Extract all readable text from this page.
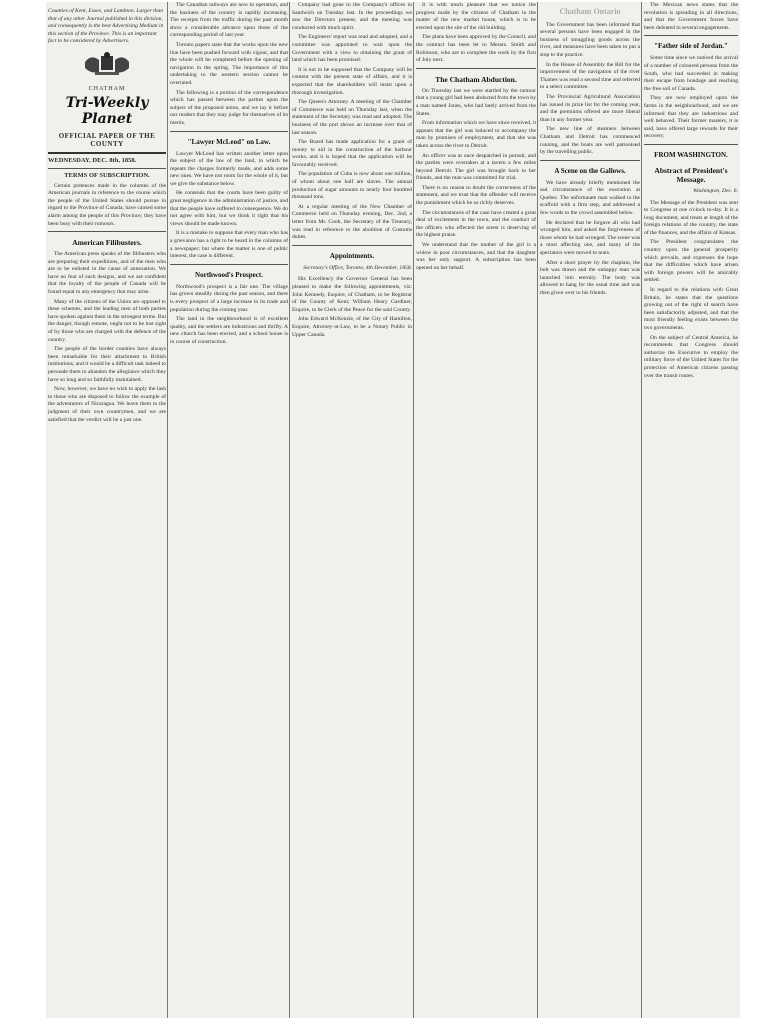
Counties of Kent, Essex, and Lambton. Larger than that of any other Journal published in this division, and consequently is the best Advertising Medium in this section of the Province. This is an important fact to be considered by Advertisers.
CHATHAM
Tri-Weekly Planet
OFFICIAL PAPER OF THE COUNTY
WEDNESDAY, DEC. 8th, 1858.
TERMS OF SUBSCRIPTION.

Certain pretences made in the columns of the American journals in reference to the course which the people of the United States should pursue in regard to the Province of Canada, have caused some alarm among the people of this Province; they have been busy with their rumours.

American Filibusters.

The American press speaks of the filibusters who are preparing their expeditions, and of the men who are to be enlisted in the cause of annexation. We have no fear of such designs, and we are confident that the loyalty of the people of Canada will be found equal to any emergency that may arise.

Many of the citizens of the Union are opposed to these schemes, and the leading men of both parties have spoken against them in the strongest terms. But the danger, though remote, ought not to be lost sight of by those who are charged with the defence of the country.

The people of the border counties have always been remarkable for their attachment to British institutions, and it would be a difficult task indeed to persuade them to abandon the allegiance which they have so long and so faithfully maintained.

Now, however, we have no wish to apply the lash to those who are disposed to follow the example of the adventurers of Nicaragua. We leave them to the judgment of their own countrymen, and we are satisfied that the verdict will be a just one.

The Canadian railways are now in operation, and the business of the country is rapidly increasing. The receipts from the traffic during the past month show a considerable advance upon those of the corresponding period of last year.

Toronto papers state that the works upon the new line have been pushed forward with vigour, and that the whole will be completed before the opening of navigation in the spring. The importance of this undertaking to the western section cannot be overrated.

The following is a portion of the correspondence which has passed between the parties upon the subject of the proposed union, and we lay it before our readers that they may judge for themselves of its merits.

"Lawyer McLeod" on Law.

Lawyer McLeod has written another letter upon the subject of the law of the land, in which he repeats the charges formerly made, and adds some new ones. We have not room for the whole of it, but we give the substance below.

He contends that the courts have been guilty of great negligence in the administration of justice, and that the people have suffered in consequence. We do not agree with him, but we think it right that his views should be made known.

It is a mistake to suppose that every man who has a grievance has a right to be heard in the columns of a newspaper; but where the matter is one of public interest, the case is different.

Northwood's Prospect.

Northwood's prospect is a fair one. The village has grown steadily during the past season, and there is every prospect of a large increase in its trade and population during the coming year.

The land in the neighbourhood is of excellent quality, and the settlers are industrious and thrifty. A new church has been erected, and a school house is in course of construction.

Company had gone to the Company's offices in Sandwich on Tuesday last. In the proceedings we saw the Directors present, and the meeting was conducted with much spirit.

The Engineers' report was read and adopted, and a committee was appointed to wait upon the Government with a view to obtaining the grant of land which has been promised.

It is not to be supposed that the Company will be content with the present state of affairs, and it is expected that the shareholders will insist upon a thorough investigation.

The Queen's Attorney. A meeting of the Chamber of Commerce was held on Thursday last, when the statement of the Secretary was read and adopted. The business of the port shows an increase over that of last season.

The Board has made application for a grant of money to aid in the construction of the harbour works, and it is hoped that the application will be favourably received.

The population of Cuba is now about one million, of whom about one half are slaves. The annual production of sugar amounts to nearly four hundred thousand tons.

At a regular meeting of the New Chamber of Commerce held on Thursday evening, Dec. 2nd, a letter from Mr. Cook, the Secretary of the Treasury, was read in reference to the abolition of Customs duties.

Appointments.
Secretary's Office, Toronto, 4th December, 1858.

His Excellency the Governor General has been pleased to make the following appointments, viz: John Kennedy, Esquire, of Chatham, to be Registrar of the County of Kent; William Henry Gardiner, Esquire, to be Clerk of the Peace for the said County.

John Edward McKenzie, of the City of Hamilton, Esquire, Attorney-at-Law, to be a Notary Public in Upper Canada.

It is with much pleasure that we notice the progress made by the citizens of Chatham in the matter of the new market house, which is to be erected upon the site of the old building.

The plans have been approved by the Council, and the contract has been let to Messrs. Smith and Robinson, who are to complete the work by the first of July next.

The Chatham Abduction.

On Thursday last we were startled by the rumour that a young girl had been abducted from the town by a man named Jones, who had lately arrived from the States.

From information which we have since received, it appears that the girl was induced to accompany the man by promises of employment, and that she was taken across the river to Detroit.

An officer was at once despatched in pursuit, and the parties were overtaken at a tavern a few miles beyond Detroit. The girl was brought back to her friends, and the man was committed for trial.

There is no reason to doubt the correctness of the statement, and we trust that the offender will receive the punishment which he so richly deserves.

The circumstances of the case have created a great deal of excitement in the town, and the conduct of the officers who effected the arrest is deserving of the highest praise.

We understand that the mother of the girl is a widow in poor circumstances, and that the daughter was her only support. A subscription has been opened on her behalf.

Chatham Ontario

The Government has been informed that several persons have been engaged in the business of smuggling goods across the river, and measures have been taken to put a stop to the practice.

In the House of Assembly the Bill for the improvement of the navigation of the river Thames was read a second time and referred to a select committee.

The Provincial Agricultural Association has issued its prize list for the coming year, and the premiums offered are more liberal than in any former year.

The new line of steamers between Chatham and Detroit has commenced running, and the boats are well patronised by the travelling public.

A Scene on the Gallows.

We have already briefly mentioned the sad circumstance of the execution at Quebec. The unfortunate man walked to the scaffold with a firm step, and addressed a few words to the crowd assembled below.

He declared that he forgave all who had wronged him, and asked the forgiveness of those whom he had wronged. The scene was a most affecting one, and many of the spectators were moved to tears.

After a short prayer by the chaplain, the bolt was drawn and the unhappy man was launched into eternity. The body was allowed to hang for the usual time and was then given over to his friends.

The Mexican news states that the revolution is spreading in all directions, and that the Government forces have been defeated in several engagements.

"Father side of Jordan."

Some time since we noticed the arrival of a number of coloured persons from the South, who had succeeded in making their escape from bondage and reaching the free soil of Canada.

They are now employed upon the farms in the neighbourhood, and we are informed that they are industrious and well behaved. Their former masters, it is said, have offered large rewards for their recovery.

FROM WASHINGTON.
Abstract of President's Message.
Washington, Dec. 6.

The Message of the President was sent to Congress at one o'clock to-day. It is a long document, and treats at length of the foreign relations of the country, the state of the finances, and the affairs of Kansas.

The President congratulates the country upon the general prosperity which prevails, and expresses the hope that the difficulties which have arisen with foreign powers will be amicably settled.

In regard to the relations with Great Britain, he states that the questions growing out of the right of search have been satisfactorily adjusted, and that the most friendly feeling exists between the two governments.

On the subject of Central America, he recommends that Congress should authorize the Executive to employ the military force of the United States for the protection of American citizens passing over the transit routes.
